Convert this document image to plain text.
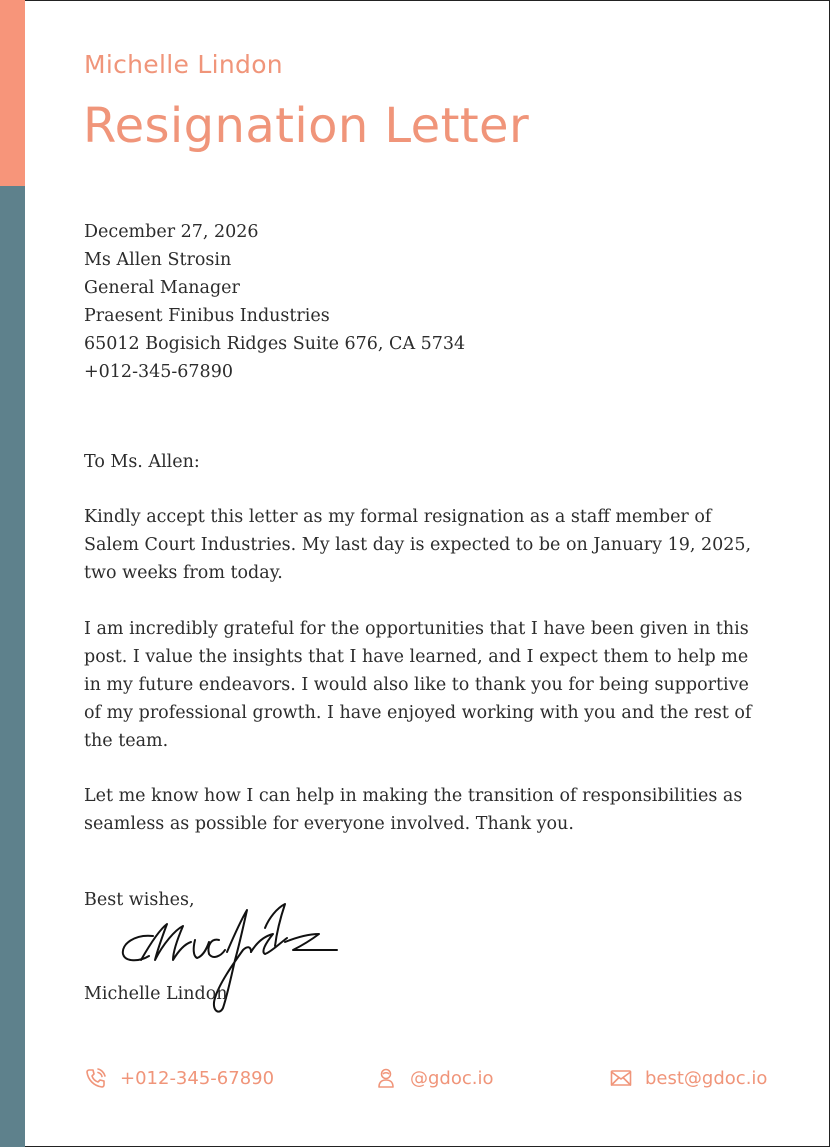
Michelle Lindon
Resignation Letter
December 27, 2026
Ms Allen Strosin
General Manager
Praesent Finibus Industries
65012 Bogisich Ridges Suite 676, CA 5734
+012-345-67890
To Ms. Allen:

Kindly accept this letter as my formal resignation as a staff member of Salem Court Industries. My last day is expected to be on January 19, 2025, two weeks from today.

I am incredibly grateful for the opportunities that I have been given in this post. I value the insights that I have learned, and I expect them to help me in my future endeavors. I would also like to thank you for being supportive of my professional growth. I have enjoyed working with you and the rest of the team.

Let me know how I can help in making the transition of responsibilities as seamless as possible for everyone involved. Thank you.

Best wishes,
Michelle Lindon
+012-345-67890	@gdoc.io	best@gdoc.io
